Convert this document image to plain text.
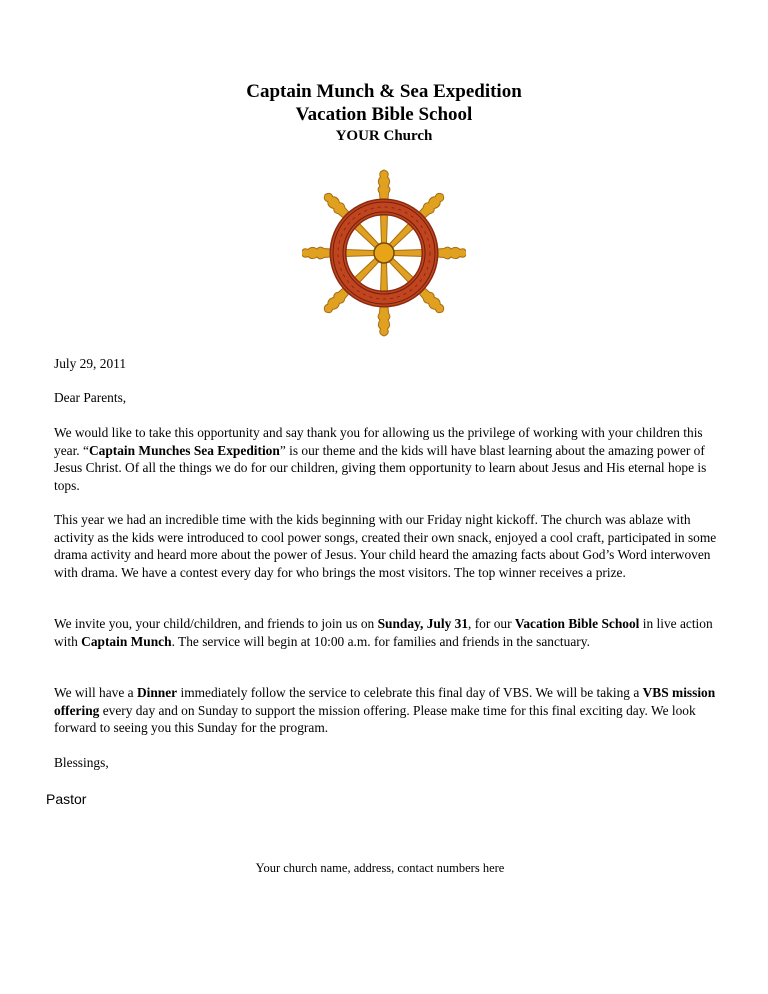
Captain Munch & Sea Expedition
Vacation Bible School
YOUR Church
July 29, 2011
Dear Parents,
We would like to take this opportunity and say thank you for allowing us the privilege of working with your children this year. “Captain Munches Sea Expedition” is our theme and the kids will have blast learning about the amazing power of Jesus Christ. Of all the things we do for our children, giving them opportunity to learn about Jesus and His eternal hope is tops.
This year we had an incredible time with the kids beginning with our Friday night kickoff. The church was ablaze with activity as the kids were introduced to cool power songs, created their own snack, enjoyed a cool craft, participated in some drama activity and heard more about the power of Jesus. Your child heard the amazing facts about God’s Word interwoven with drama. We have a contest every day for who brings the most visitors. The top winner receives a prize.
We invite you, your child/children, and friends to join us on Sunday, July 31, for our Vacation Bible School in live action with Captain Munch. The service will begin at 10:00 a.m. for families and friends in the sanctuary.
We will have a Dinner immediately follow the service to celebrate this final day of VBS. We will be taking a VBS mission offering every day and on Sunday to support the mission offering. Please make time for this final exciting day. We look forward to seeing you this Sunday for the program.
Blessings,
Pastor
Your church name, address, contact numbers here
